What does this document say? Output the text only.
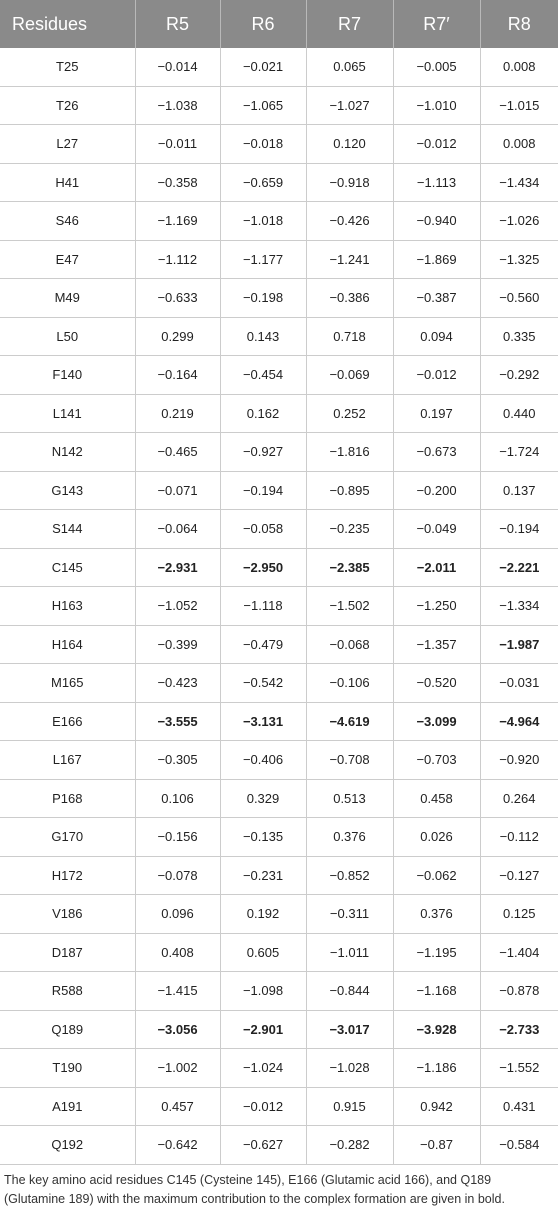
Residues	R5	R6	R7	R7′	R8
T25	−0.014	−0.021	0.065	−0.005	0.008
T26	−1.038	−1.065	−1.027	−1.010	−1.015
L27	−0.011	−0.018	0.120	−0.012	0.008
H41	−0.358	−0.659	−0.918	−1.113	−1.434
S46	−1.169	−1.018	−0.426	−0.940	−1.026
E47	−1.112	−1.177	−1.241	−1.869	−1.325
M49	−0.633	−0.198	−0.386	−0.387	−0.560
L50	0.299	0.143	0.718	0.094	0.335
F140	−0.164	−0.454	−0.069	−0.012	−0.292
L141	0.219	0.162	0.252	0.197	0.440
N142	−0.465	−0.927	−1.816	−0.673	−1.724
G143	−0.071	−0.194	−0.895	−0.200	0.137
S144	−0.064	−0.058	−0.235	−0.049	−0.194
C145	−2.931	−2.950	−2.385	−2.011	−2.221
H163	−1.052	−1.118	−1.502	−1.250	−1.334
H164	−0.399	−0.479	−0.068	−1.357	−1.987
M165	−0.423	−0.542	−0.106	−0.520	−0.031
E166	−3.555	−3.131	−4.619	−3.099	−4.964
L167	−0.305	−0.406	−0.708	−0.703	−0.920
P168	0.106	0.329	0.513	0.458	0.264
G170	−0.156	−0.135	0.376	0.026	−0.112
H172	−0.078	−0.231	−0.852	−0.062	−0.127
V186	0.096	0.192	−0.311	0.376	0.125
D187	0.408	0.605	−1.011	−1.195	−1.404
R588	−1.415	−1.098	−0.844	−1.168	−0.878
Q189	−3.056	−2.901	−3.017	−3.928	−2.733
T190	−1.002	−1.024	−1.028	−1.186	−1.552
A191	0.457	−0.012	0.915	0.942	0.431
Q192	−0.642	−0.627	−0.282	−0.87	−0.584
The key amino acid residues C145 (Cysteine 145), E166 (Glutamic acid 166), and Q189 (Glutamine 189) with the maximum contribution to the complex formation are given in bold.
